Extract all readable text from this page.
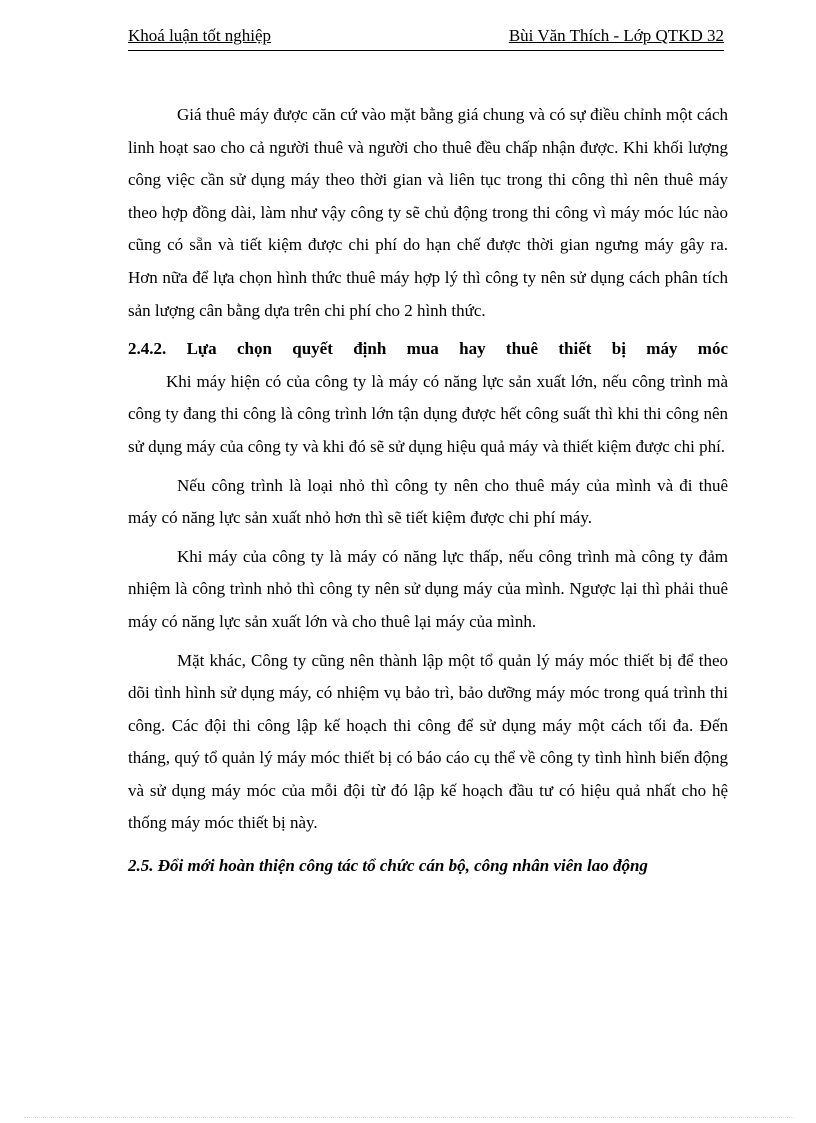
Khoá luận tốt nghiệp	Bùi Văn Thích - Lớp QTKD 32

Giá thuê máy được căn cứ vào mặt bằng giá chung và có sự điều chỉnh một cách linh hoạt sao cho cả người thuê và người cho thuê đều chấp nhận được. Khi khối lượng công việc cần sử dụng máy theo thời gian và liên tục trong thi công thì nên thuê máy theo hợp đồng dài, làm như vậy công ty sẽ chủ động trong thi công vì máy móc lúc nào cũng có sẵn và tiết kiệm được chi phí do hạn chế được thời gian ngưng máy gây ra. Hơn nữa để lựa chọn hình thức thuê máy hợp lý thì công ty nên sử dụng cách phân tích sản lượng cân bằng dựa trên chi phí cho 2 hình thức.

2.4.2. Lựa chọn quyết định mua hay thuê thiết bị máy móc

Khi máy hiện có của công ty là máy có năng lực sản xuất lớn, nếu công trình mà công ty đang thi công là công trình lớn tận dụng được hết công suất thì khi thi công nên sử dụng máy của công ty và khi đó sẽ sử dụng hiệu quả máy và thiết kiệm được chi phí.

Nếu công trình là loại nhỏ thì công ty nên cho thuê máy của mình và đi thuê máy có năng lực sản xuất nhỏ hơn thì sẽ tiết kiệm được chi phí máy.

Khi máy của công ty là máy có năng lực thấp, nếu công trình mà công ty đảm nhiệm là công trình nhỏ thì công ty nên sử dụng máy của mình. Ngược lại thì phải thuê máy có năng lực sản xuất lớn và cho thuê lại máy của mình.

Mặt khác, Công ty cũng nên thành lập một tổ quản lý máy móc thiết bị để theo dõi tình hình sử dụng máy, có nhiệm vụ bảo trì, bảo dưỡng máy móc trong quá trình thi công. Các đội thi công lập kế hoạch thi công để sử dụng máy một cách tối đa. Đến tháng, quý tổ quản lý máy móc thiết bị có báo cáo cụ thể về công ty tình hình biến động và sử dụng máy móc của mỗi đội từ đó lập kế hoạch đầu tư có hiệu quả nhất cho hệ thống máy móc thiết bị này.

2.5. Đổi mới hoàn thiện công tác tổ chức cán bộ, công nhân viên lao động
